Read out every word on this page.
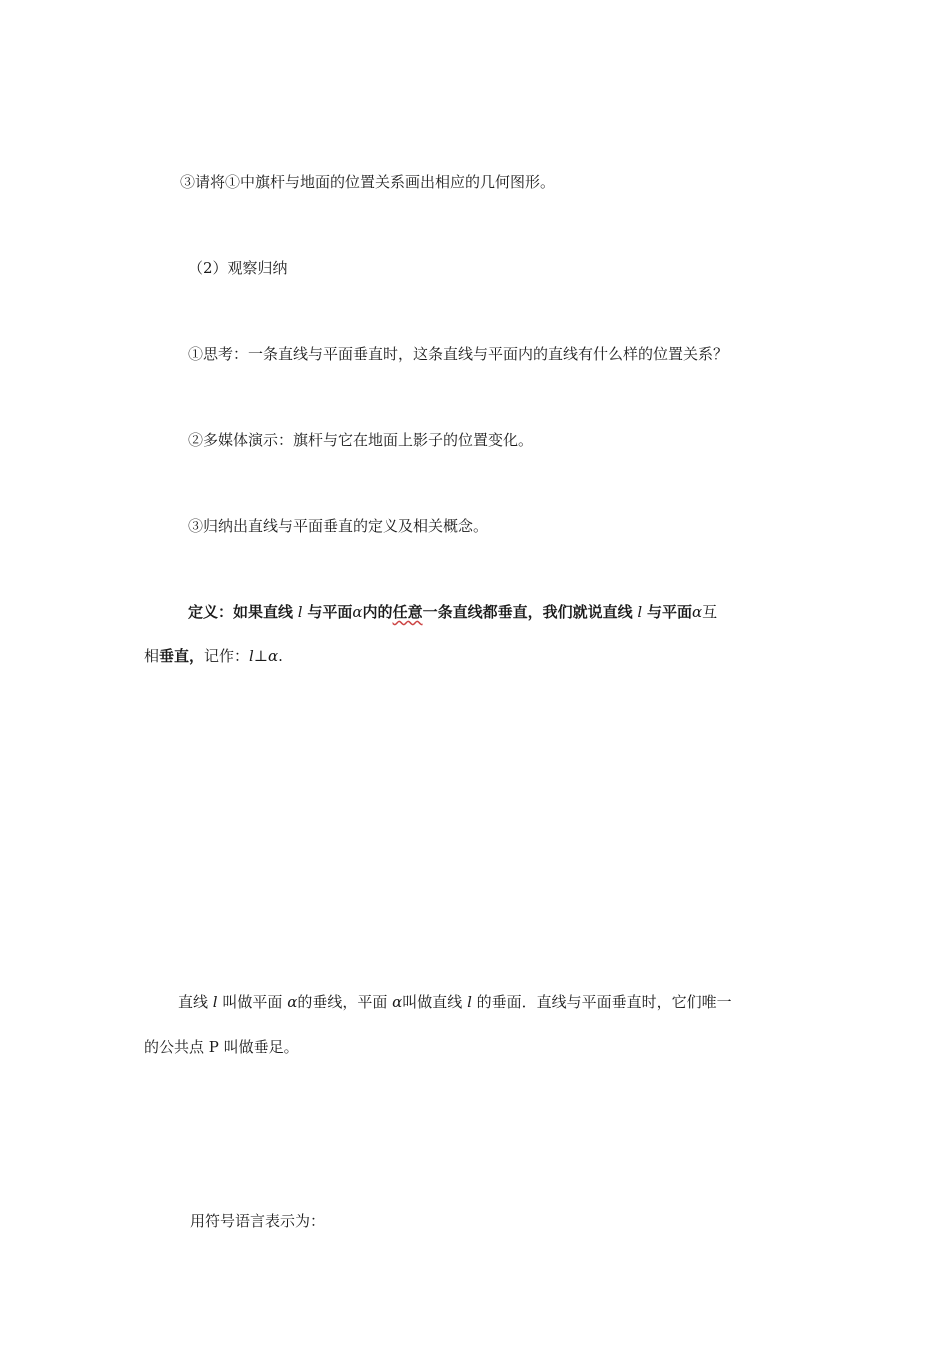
③请将①中旗杆与地面的位置关系画出相应的几何图形。
（2）观察归纳
①思考：一条直线与平面垂直时，这条直线与平面内的直线有什么样的位置关系？
②多媒体演示：旗杆与它在地面上影子的位置变化。
③归纳出直线与平面垂直的定义及相关概念。
定义：如果直线 l 与平面α内的任意一条直线都垂直，我们就说直线 l 与平面α互
相垂直，记作：l⊥α.
直线 l 叫做平面 α的垂线，平面 α叫做直线 l 的垂面．直线与平面垂直时，它们唯一
的公共点 P 叫做垂足。
用符号语言表示为：
